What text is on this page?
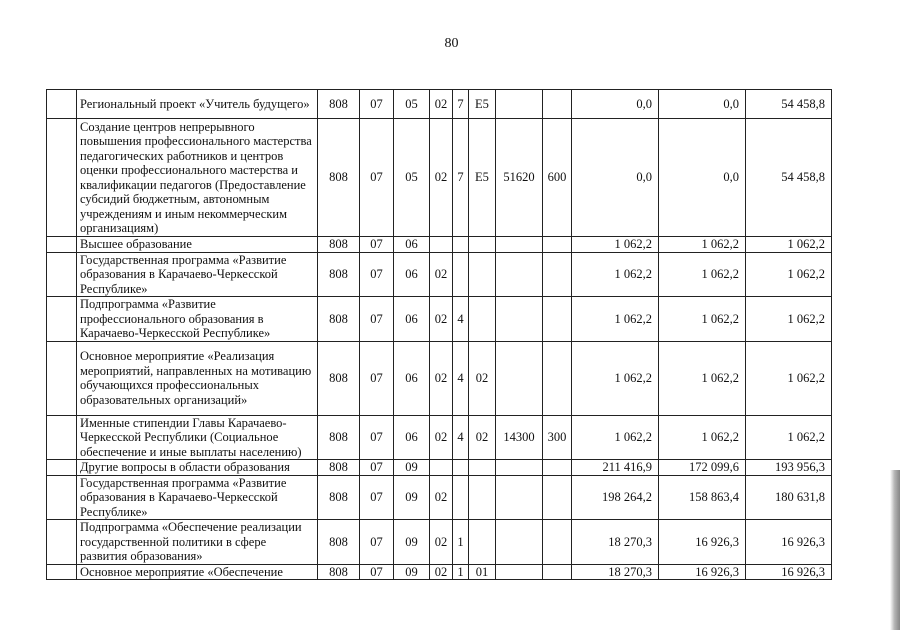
80
	Региональный проект «Учитель будущего»	808	07	05	02	7	E5			0,0	0,0	54 458,8
	Создание центров непрерывного повышения профессионального мастерства педагогических работников и центров оценки профессионального мастерства и квалификации педагогов (Предоставление субсидий бюджетным, автономным учреждениям и иным некоммерческим организациям)	808	07	05	02	7	E5	51620	600	0,0	0,0	54 458,8
	Высшее образование	808	07	06						1 062,2	1 062,2	1 062,2
	Государственная программа «Развитие образования в Карачаево-Черкесской Республике»	808	07	06	02					1 062,2	1 062,2	1 062,2
	Подпрограмма «Развитие профессионального образования в Карачаево-Черкесской Республике»	808	07	06	02	4				1 062,2	1 062,2	1 062,2
	Основное мероприятие «Реализация мероприятий, направленных на мотивацию обучающихся профессиональных образовательных организаций»	808	07	06	02	4	02			1 062,2	1 062,2	1 062,2
	Именные стипендии Главы Карачаево-Черкесской Республики (Социальное обеспечение и иные выплаты населению)	808	07	06	02	4	02	14300	300	1 062,2	1 062,2	1 062,2
	Другие вопросы в области образования	808	07	09						211 416,9	172 099,6	193 956,3
	Государственная программа «Развитие образования в Карачаево-Черкесской Республике»	808	07	09	02					198 264,2	158 863,4	180 631,8
	Подпрограмма «Обеспечение реализации государственной политики в сфере развития образования»	808	07	09	02	1				18 270,3	16 926,3	16 926,3
	Основное мероприятие «Обеспечение	808	07	09	02	1	01			18 270,3	16 926,3	16 926,3
